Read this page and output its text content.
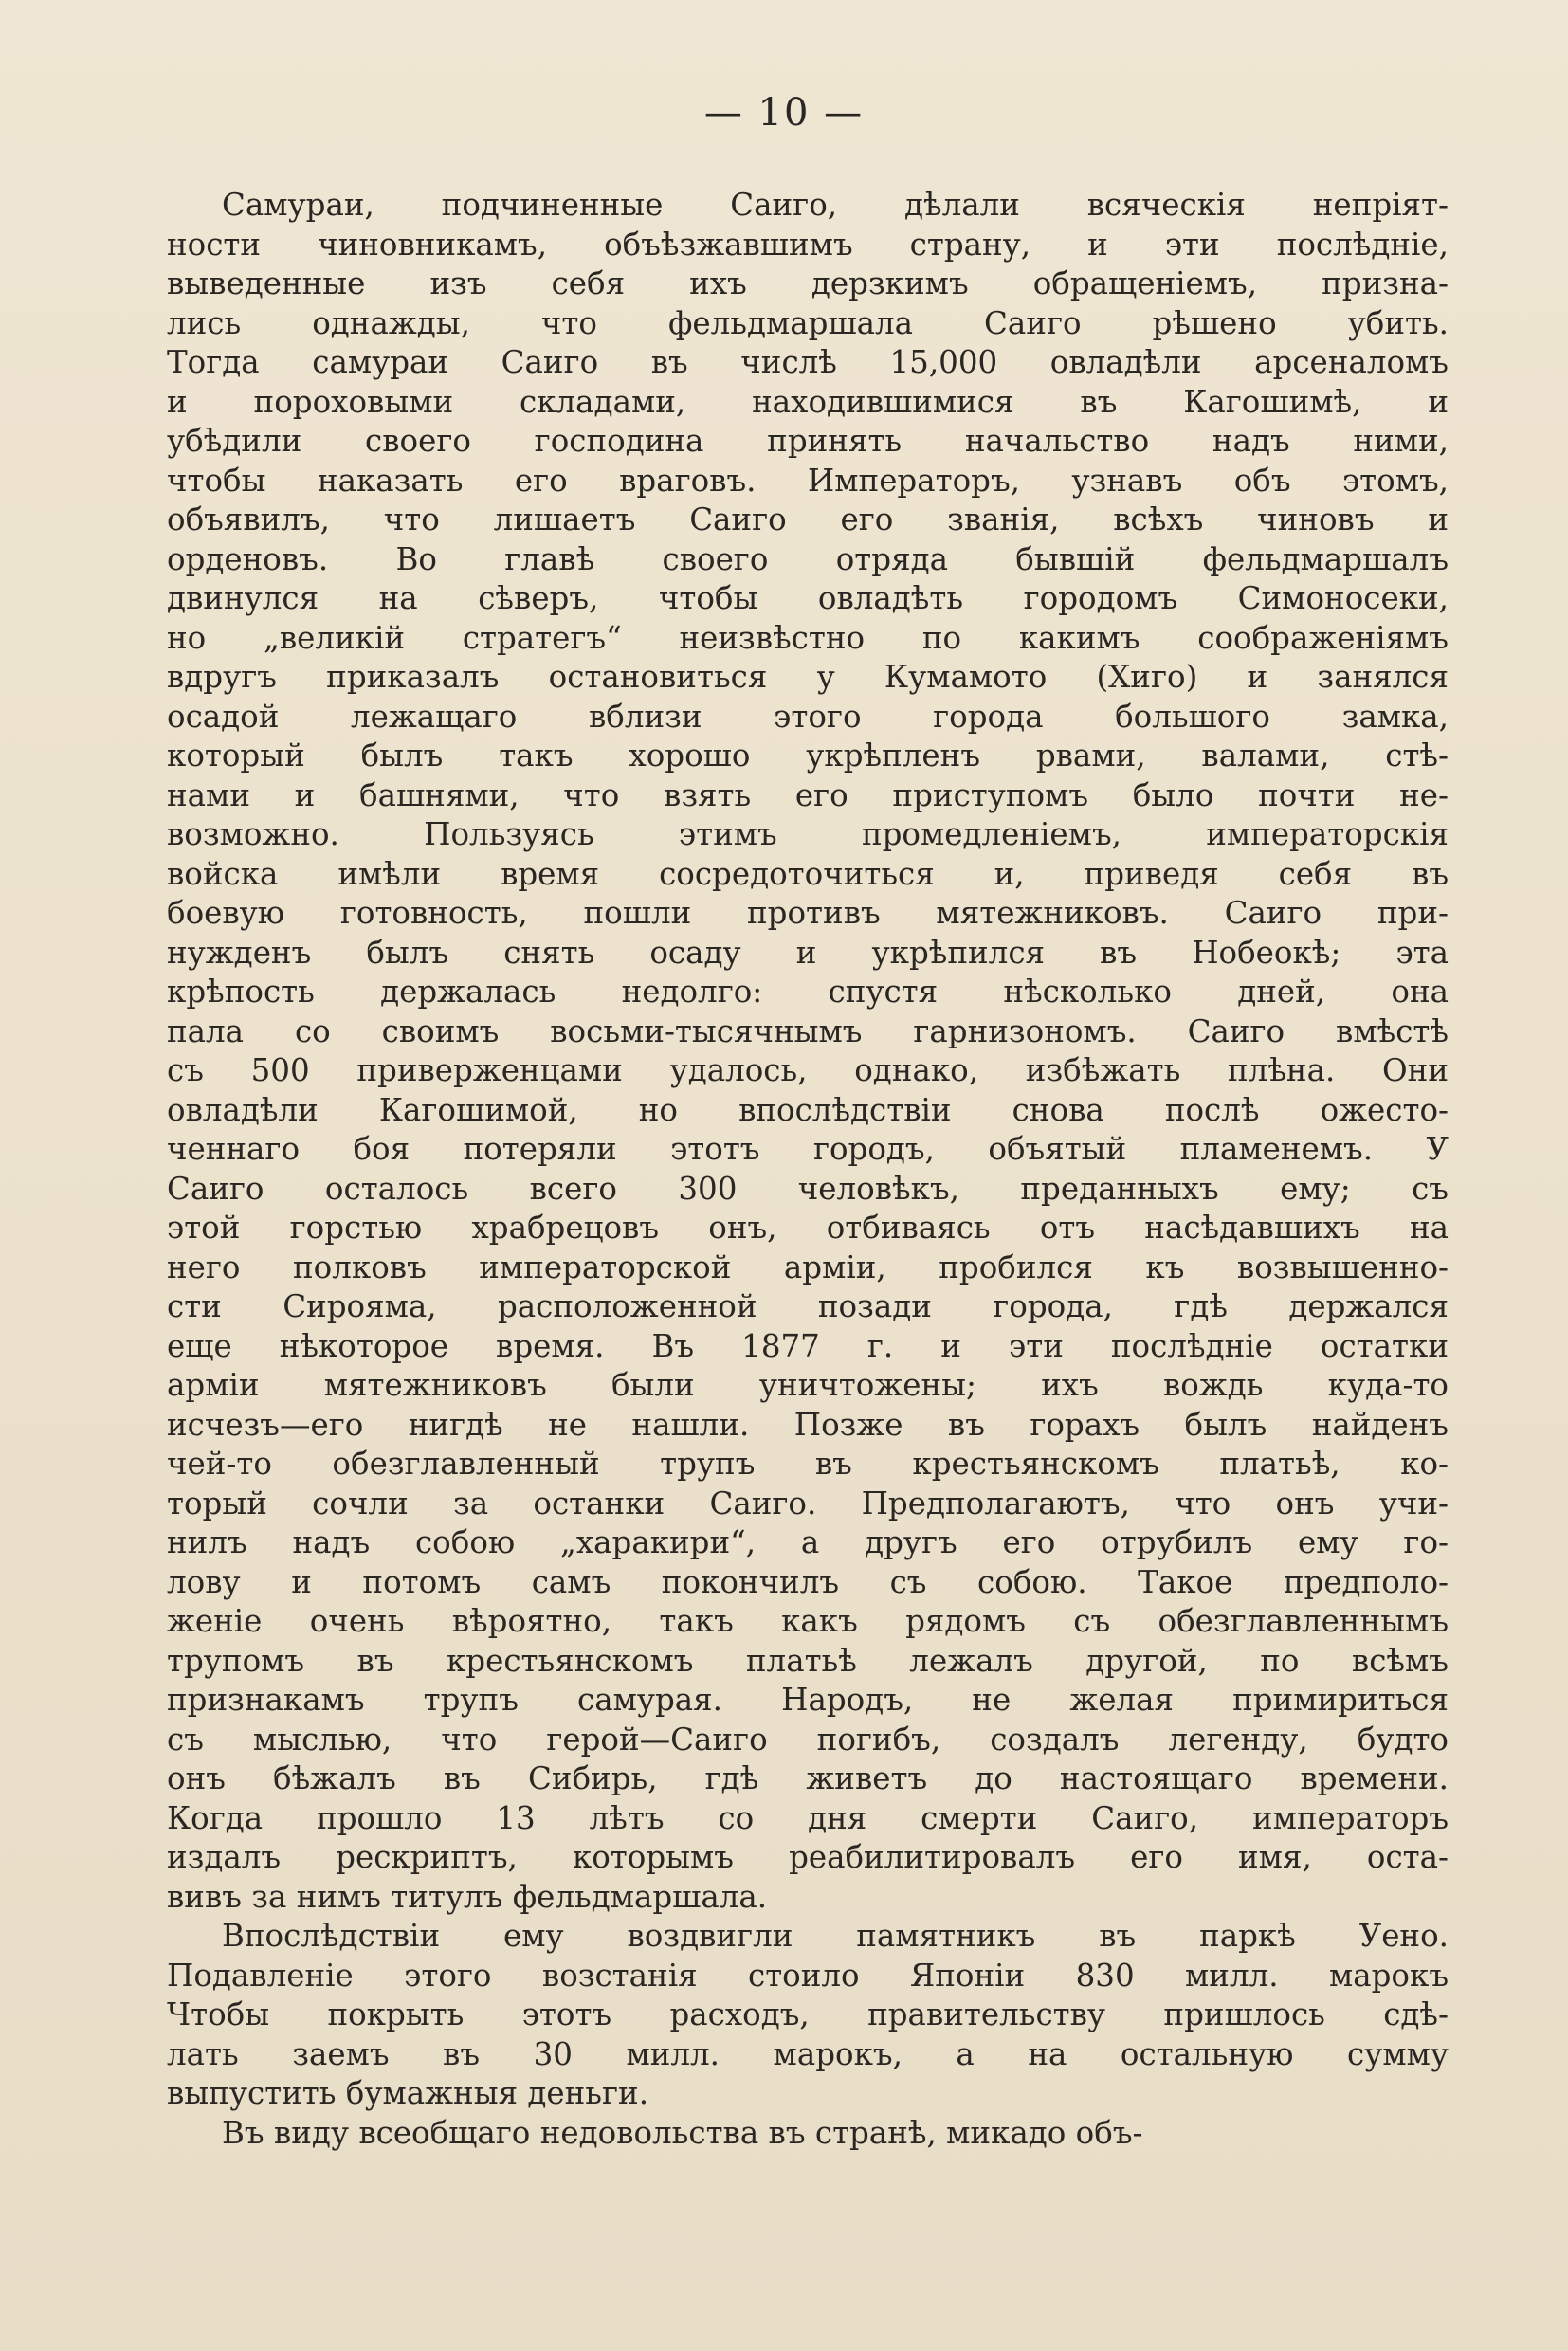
— 10 —
Самураи, подчиненные Саиго, дѣлали всяческія непріят-
ности чиновникамъ, объѣзжавшимъ страну, и эти послѣдніе,
выведенные изъ себя ихъ дерзкимъ обращеніемъ, призна-
лись однажды, что фельдмаршала Саиго рѣшено убить.
Тогда самураи Саиго въ числѣ 15,000 овладѣли арсеналомъ
и пороховыми складами, находившимися въ Кагошимѣ, и
убѣдили своего господина принять начальство надъ ними,
чтобы наказать его враговъ. Императоръ, узнавъ объ этомъ,
объявилъ, что лишаетъ Саиго его званія, всѣхъ чиновъ и
орденовъ. Во главѣ своего отряда бывшій фельдмаршалъ
двинулся на сѣверъ, чтобы овладѣть городомъ Симоносеки,
но „великій стратегъ“ неизвѣстно по какимъ соображеніямъ
вдругъ приказалъ остановиться у Кумамото (Хиго) и занялся
осадой лежащаго вблизи этого города большого замка,
который былъ такъ хорошо укрѣпленъ рвами, валами, стѣ-
нами и башнями, что взять его приступомъ было почти не-
возможно. Пользуясь этимъ промедленіемъ, императорскія
войска имѣли время сосредоточиться и, приведя себя въ
боевую готовность, пошли противъ мятежниковъ. Саиго при-
нужденъ былъ снять осаду и укрѣпился въ Нобеокѣ; эта
крѣпость держалась недолго: спустя нѣсколько дней, она
пала со своимъ восьми-тысячнымъ гарнизономъ. Саиго вмѣстѣ
съ 500 приверженцами удалось, однако, избѣжать плѣна. Они
овладѣли Кагошимой, но впослѣдствіи снова послѣ ожесто-
ченнаго боя потеряли этотъ городъ, объятый пламенемъ. У
Саиго осталось всего 300 человѣкъ, преданныхъ ему; съ
этой горстью храбрецовъ онъ, отбиваясь отъ насѣдавшихъ на
него полковъ императорской арміи, пробился къ возвышенно-
сти Сирояма, расположенной позади города, гдѣ держался
еще нѣкоторое время. Въ 1877 г. и эти послѣдніе остатки
арміи мятежниковъ были уничтожены; ихъ вождь куда-то
исчезъ—его нигдѣ не нашли. Позже въ горахъ былъ найденъ
чей-то обезглавленный трупъ въ крестьянскомъ платьѣ, ко-
торый сочли за останки Саиго. Предполагаютъ, что онъ учи-
нилъ надъ собою „харакири“, а другъ его отрубилъ ему го-
лову и потомъ самъ покончилъ съ собою. Такое предполо-
женіе очень вѣроятно, такъ какъ рядомъ съ обезглавленнымъ
трупомъ въ крестьянскомъ платьѣ лежалъ другой, по всѣмъ
признакамъ трупъ самурая. Народъ, не желая примириться
съ мыслью, что герой—Саиго погибъ, создалъ легенду, будто
онъ бѣжалъ въ Сибирь, гдѣ живетъ до настоящаго времени.
Когда прошло 13 лѣтъ со дня смерти Саиго, императоръ
издалъ рескриптъ, которымъ реабилитировалъ его имя, оста-
вивъ за нимъ титулъ фельдмаршала.
Впослѣдствіи ему воздвигли памятникъ въ паркѣ Уено.
Подавленіе этого возстанія стоило Японіи 830 милл. марокъ
Чтобы покрыть этотъ расходъ, правительству пришлось сдѣ-
лать заемъ въ 30 милл. марокъ, а на остальную сумму
выпустить бумажныя деньги.
Въ виду всеобщаго недовольства въ странѣ, микадо объ-
